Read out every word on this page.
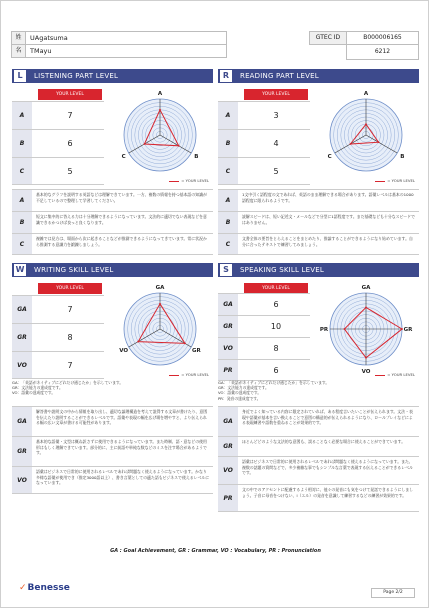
姓	UAgatsuma
名	TMayu
GTEC ID	B000006165
6212
L	LISTENING PART LEVEL
YOUR LEVEL
A	7
B	6
C	5
A
B
C
= YOUR LEVEL
A
基本的なグラフを説明する英語などは理解できています。一方、複数の情報を持つ基本語の知識が不足しているので整理して学習してください。
B
短文に集中的に答える力は十分理解できるようになっています。文法的に適切でない表現などを意識できるかつけば良っと良くなります。
C
複雑では見方は、場面から次に起きることなどが推測できるようになってきています。常に状況から推測する意識力を鍛錬しましょう。
R	READING PART LEVEL
YOUR LEVEL
A	3
B	4
C	5
A
B
C
= YOUR LEVEL
A
1文中引く語程度の文であれば、英語のまま理解できる場合があります。語彙レベルは基本の1000語程度に限られるようです。
B
読解スピードは、短い記述文・メールなどで分型に1語程度です。まだ基礎なども十分なスピードではありません。
C
文書全体の要旨をとらえることをまとめたり、推論することができるようになり始めています。自分に合ったテキストで練習してみましょう。
W WRITING SKILL LEVEL
YOUR LEVEL
GA	7
GR	8
VO	7
GA
GR
VO
= YOUR LEVEL
GA：「英語がネイティブにどれだけ通じたか」を示しています。
GR：文法能力の達成度です。
VO：語彙の達成度です。
GA
解答書や説明文の中から情報を取り出し、適切な論理構造を考えて説得する文章が書けたり、意図を伝えたり説明することができるレベルです。語彙や表現の幅を広げ場を増やすと、より伝えられる幅の広い文章が書ける可能性があります。
GR
基本的な語彙・文型は概ね訳さずに使用できるようになっています。また時制、語・意などの使用形はもしく理解できています。部分的に、主に前語や単純な数などのミスを注す場合があるようです。
VO
語彙はビジネスで日常的に使用されるレベルであれば問題なく使えるようになっています。かなり多様な語彙が使用でき（推定3000語以上）、書き言葉としての適た語もビジネスで使えるレベルになっています。
S	SPEAKING SKILL LEVEL
YOUR LEVEL
GA	6
GR	10
VO	8
PR	6
GA
GR
VO
PR
= YOUR LEVEL
GA：「英語がネイティブにどれだけ通じたか」を示しています。
GR：文法能力の達成度です。
VO：語彙の達成度です。
PR：発音の達成度です。
GA
身近でよく知っている内容に限定されていれば、ある程度言いたいことが伝えられます。文法・表現や語彙が基本を言い換えることで意図の構造的が伝えられるようになり、ロールプレイなどによる表現練習や語数を重ねることが効果的です。
GR
ほとんどどのような文法的な意図も、誤ることなく必要な場合に使えることができています。
VO
語彙はビジネスで日常的に使用されるレベルであれば問題なく使えるようになっています。また、複数の話題の質問などで、多少複雑な事でもシンプルな言葉で表現する伝えることができるレベルです。
PR
文の中でのアクセントに配慮するよう相対に、他々の発音にも気をつけて発話できるようにしましょう。子音に母音をつけない、l（エル）の発音を意識して練習するなどの練習が効果的です。
GA : Goal Achievement, GR : Grammar, VO : Vocabulary, PR : Pronunciation
✓Benesse	Page 2/2
